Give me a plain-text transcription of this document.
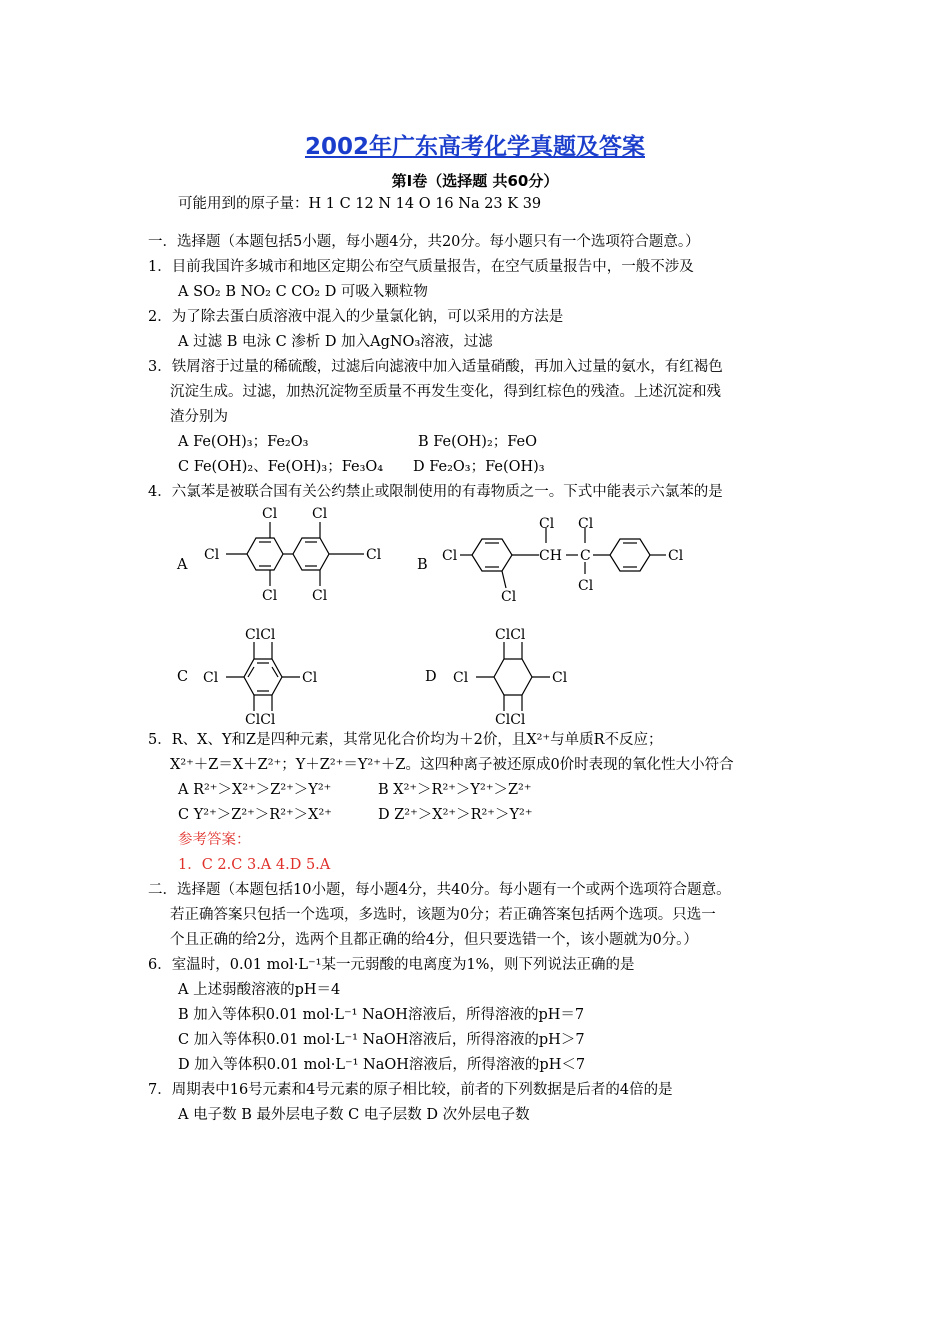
2002年广东高考化学真题及答案
第Ⅰ卷（选择题 共60分）
可能用到的原子量：H 1 C 12 N 14 O 16 Na 23 K 39
一．选择题（本题包括5小题，每小题4分，共20分。每小题只有一个选项符合题意。）
1．目前我国许多城市和地区定期公布空气质量报告，在空气质量报告中，一般不涉及
A SO₂ B NO₂ C CO₂ D 可吸入颗粒物
2．为了除去蛋白质溶液中混入的少量氯化钠，可以采用的方法是
A 过滤 B 电泳 C 渗析 D 加入AgNO₃溶液，过滤
3．铁屑溶于过量的稀硫酸，过滤后向滤液中加入适量硝酸，再加入过量的氨水，有红褐色
沉淀生成。过滤，加热沉淀物至质量不再发生变化，得到红棕色的残渣。上述沉淀和残
渣分别为
A Fe(OH)₃；Fe₂O₃	B Fe(OH)₂；FeO
C Fe(OH)₂、Fe(OH)₃；Fe₃O₄ D Fe₂O₃；Fe(OH)₃
4．六氯苯是被联合国有关公约禁止或限制使用的有毒物质之一。下式中能表示六氯苯的是
A
Cl Cl
Cl	Cl
Cl Cl
B
Cl
Cl
CH
Cl
C
Cl
Cl
Cl
C
ClCl
Cl	Cl
ClCl
D
ClCl
Cl	Cl
ClCl
5．R、X、Y和Z是四种元素，其常见化合价均为＋2价，且X²⁺与单质R不反应；
X²⁺＋Z＝X＋Z²⁺；Y＋Z²⁺＝Y²⁺＋Z。这四种离子被还原成0价时表现的氧化性大小符合
A R²⁺＞X²⁺＞Z²⁺＞Y²⁺	B X²⁺＞R²⁺＞Y²⁺＞Z²⁺
C Y²⁺＞Z²⁺＞R²⁺＞X²⁺	D Z²⁺＞X²⁺＞R²⁺＞Y²⁺
参考答案：
1．C 2.C 3.A 4.D 5.A
二．选择题（本题包括10小题，每小题4分，共40分。每小题有一个或两个选项符合题意。
若正确答案只包括一个选项，多选时，该题为0分；若正确答案包括两个选项。只选一
个且正确的给2分，选两个且都正确的给4分，但只要选错一个，该小题就为0分。）
6．室温时，0.01 mol·L⁻¹某一元弱酸的电离度为1%，则下列说法正确的是
A 上述弱酸溶液的pH＝4
B 加入等体积0.01 mol·L⁻¹ NaOH溶液后，所得溶液的pH＝7
C 加入等体积0.01 mol·L⁻¹ NaOH溶液后，所得溶液的pH＞7
D 加入等体积0.01 mol·L⁻¹ NaOH溶液后，所得溶液的pH＜7
7．周期表中16号元素和4号元素的原子相比较，前者的下列数据是后者的4倍的是
A 电子数 B 最外层电子数 C 电子层数 D 次外层电子数
